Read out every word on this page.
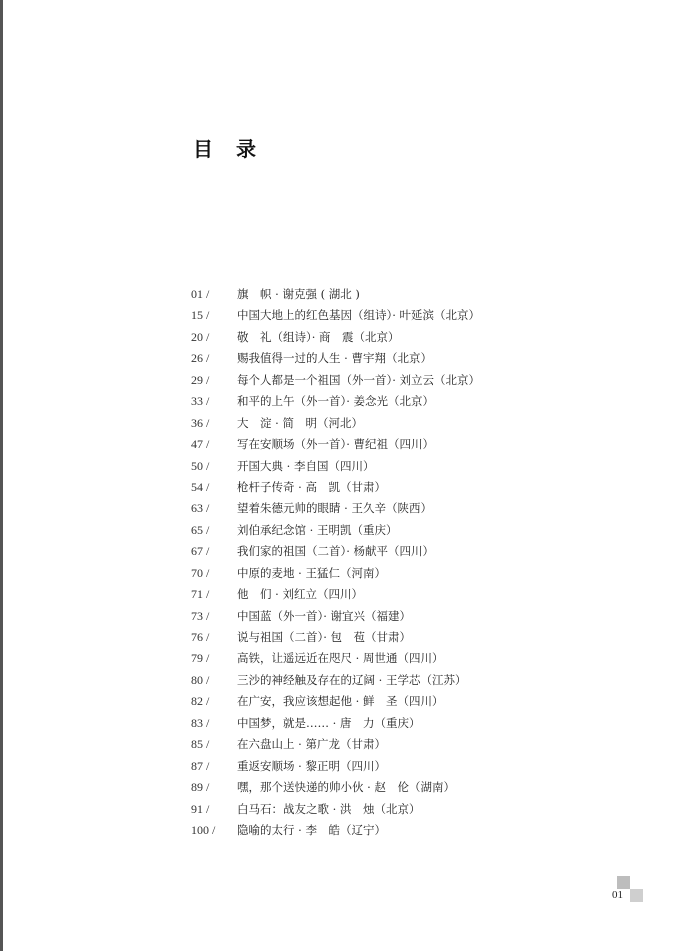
目 录
01 /	旗　帜 · 谢克强 ( 湖北 )
15 /	中国大地上的红色基因（组诗）· 叶延滨（北京）
20 /	敬　礼（组诗）· 商　震（北京）
26 /	赐我值得一过的人生 · 曹宇翔（北京）
29 /	每个人都是一个祖国（外一首）· 刘立云（北京）
33 /	和平的上午（外一首）· 姜念光（北京）
36 /	大　淀 · 简　明（河北）
47 /	写在安顺场（外一首）· 曹纪祖（四川）
50 /	开国大典 · 李自国（四川）
54 /	枪杆子传奇 · 高　凯（甘肃）
63 /	望着朱德元帅的眼睛 · 王久辛（陕西）
65 /	刘伯承纪念馆 · 王明凯（重庆）
67 /	我们家的祖国（二首）· 杨献平（四川）
70 /	中原的麦地 · 王猛仁（河南）
71 /	他　们 · 刘红立（四川）
73 /	中国蓝（外一首）· 谢宜兴（福建）
76 /	说与祖国（二首）· 包　苞（甘肃）
79 /	高铁，让遥远近在咫尺 · 周世通（四川）
80 /	三沙的神经触及存在的辽阔 · 王学芯（江苏）
82 /	在广安，我应该想起他 · 鲜　圣（四川）
83 /	中国梦，就是…… · 唐　力（重庆）
85 /	在六盘山上 · 第广龙（甘肃）
87 /	重返安顺场 · 黎正明（四川）
89 /	嘿，那个送快递的帅小伙 · 赵　伦（湖南）
91 /	白马石：战友之歌 · 洪　烛（北京）
100 /	隐喻的太行 · 李　皓（辽宁）
01
